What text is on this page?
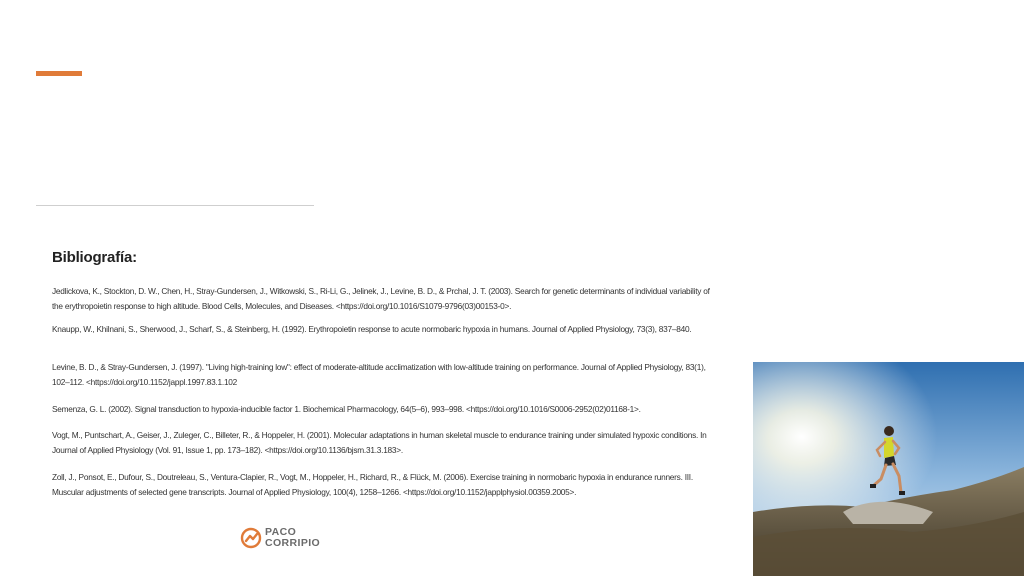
Bibliografía:
Jedlickova, K., Stockton, D. W., Chen, H., Stray-Gundersen, J., Witkowski, S., Ri-Li, G., Jelinek, J., Levine, B. D., & Prchal, J. T. (2003). Search for genetic determinants of individual variability of the erythropoietin response to high altitude. Blood Cells, Molecules, and Diseases. <https://doi.org/10.1016/S1079-9796(03)00153-0>.
Knaupp, W., Khilnani, S., Sherwood, J., Scharf, S., & Steinberg, H. (1992). Erythropoietin response to acute normobaric hypoxia in humans. Journal of Applied Physiology, 73(3), 837–840.
Levine, B. D., & Stray-Gundersen, J. (1997). "Living high-training low": effect of moderate-altitude acclimatization with low-altitude training on performance. Journal of Applied Physiology, 83(1), 102–112. <https://doi.org/10.1152/jappl.1997.83.1.102
Semenza, G. L. (2002). Signal transduction to hypoxia-inducible factor 1. Biochemical Pharmacology, 64(5–6), 993–998. <https://doi.org/10.1016/S0006-2952(02)01168-1>.
Vogt, M., Puntschart, A., Geiser, J., Zuleger, C., Billeter, R., & Hoppeler, H. (2001). Molecular adaptations in human skeletal muscle to endurance training under simulated hypoxic conditions. In Journal of Applied Physiology (Vol. 91, Issue 1, pp. 173–182). <https://doi.org/10.1136/bjsm.31.3.183>.
Zoll, J., Ponsot, E., Dufour, S., Doutreleau, S., Ventura-Clapier, R., Vogt, M., Hoppeler, H., Richard, R., & Flück, M. (2006). Exercise training in normobaric hypoxia in endurance runners. III. Muscular adjustments of selected gene transcripts. Journal of Applied Physiology, 100(4), 1258–1266. <https://doi.org/10.1152/japplphysiol.00359.2005>.
PACO
CORRIPIO
